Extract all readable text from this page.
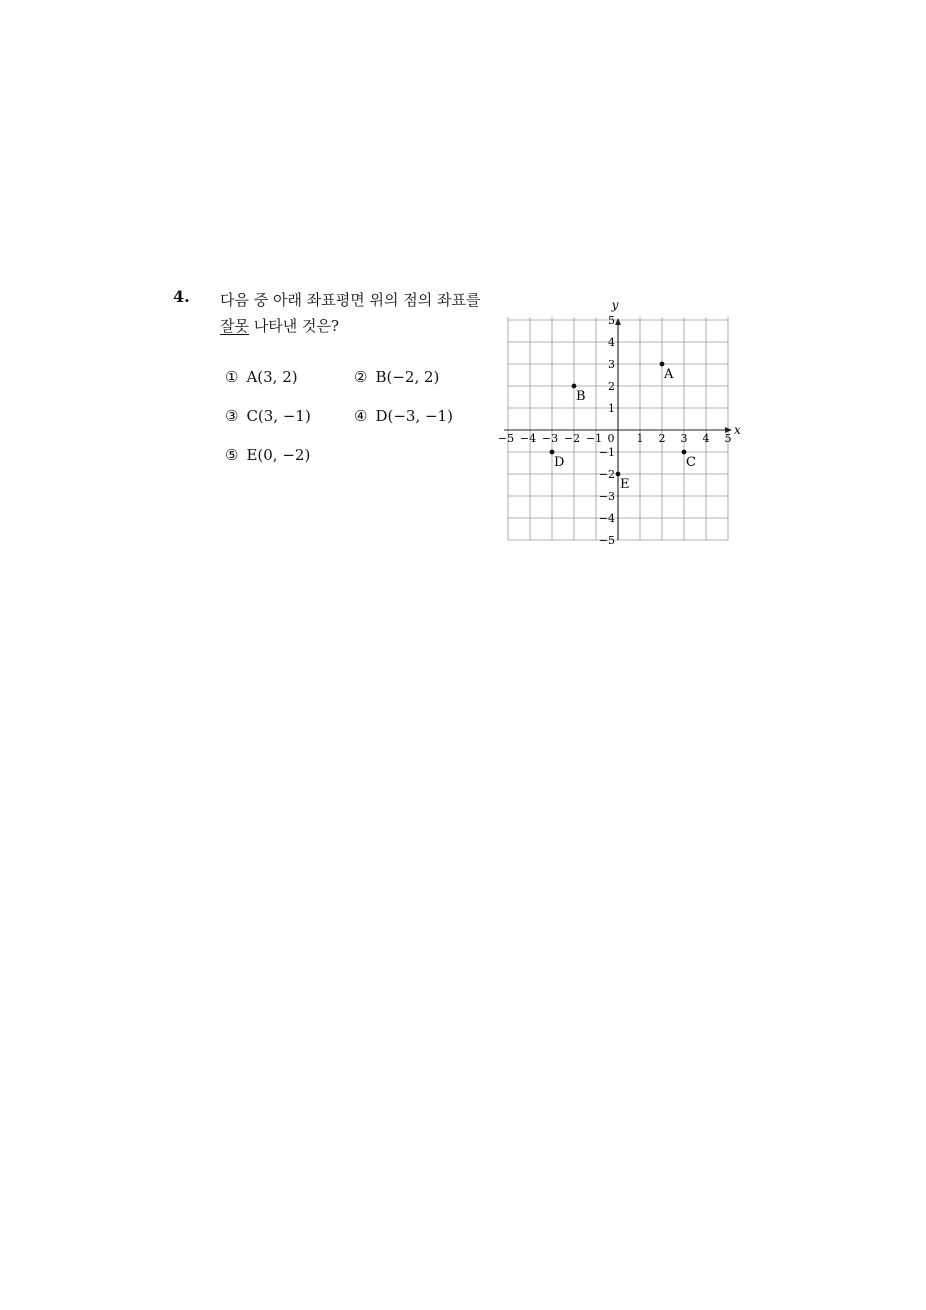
4. 다음 중 아래 좌표평면 위의 점의 좌표를
잘못 나타낸 것은?
① A(3, 2)	② B(−2, 2)
③ C(3, −1)	④ D(−3, −1)
⑤ E(0, −2)
x
y
0
−5 −4 −3 −2 −1	1 2 3 4 5
5
4
3
2
1
−1
−2
−3
−4
−5
A
B
C
D
E
